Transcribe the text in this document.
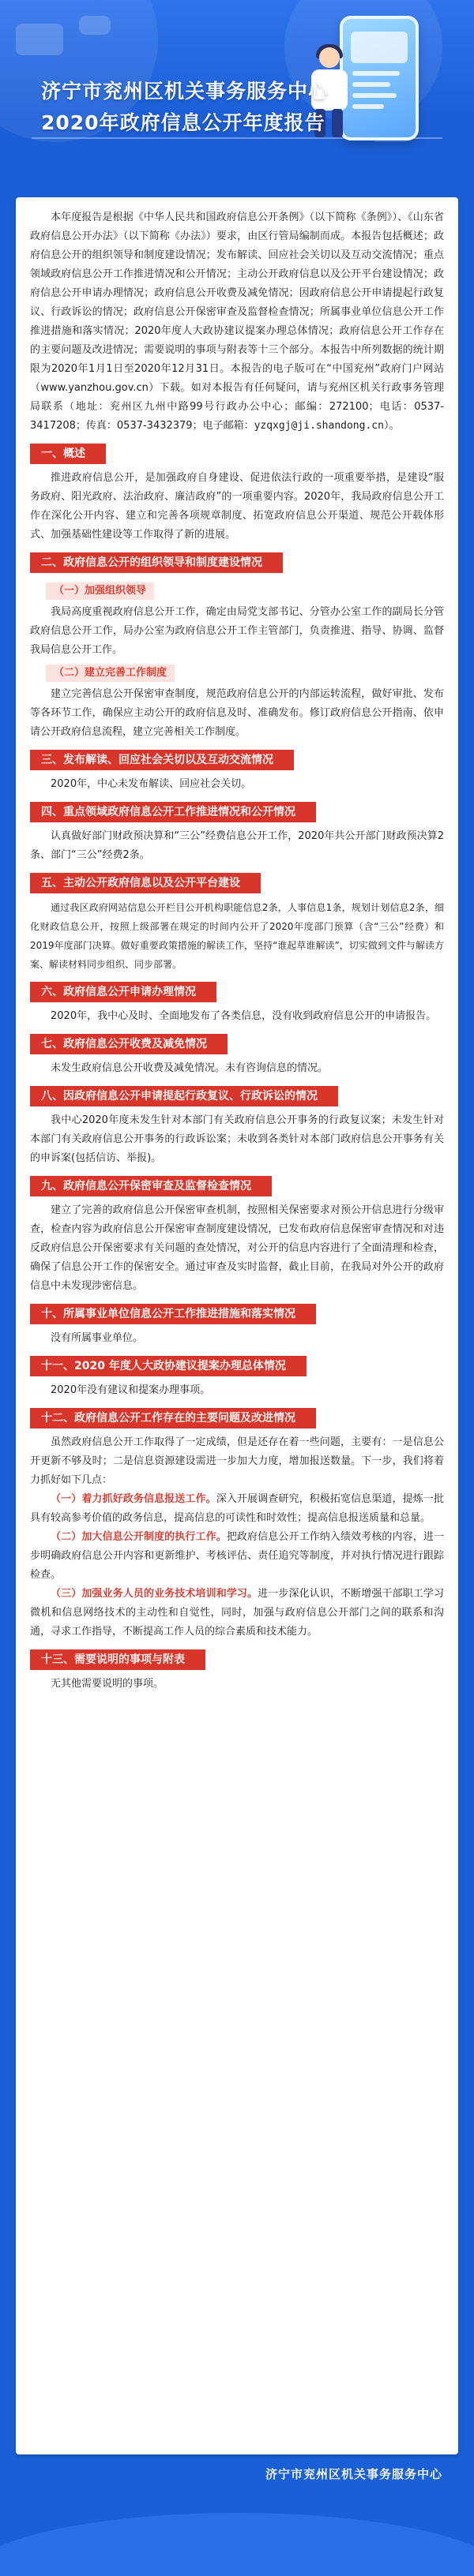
济宁市兖州区机关事务服务中心
2020年政府信息公开年度报告

本年度报告是根据《中华人民共和国政府信息公开条例》（以下简称《条例》）、《山东省政府信息公开办法》（以下简称《办法》）要求，由区行管局编制而成。本报告包括概述；政府信息公开的组织领导和制度建设情况；发布解读、回应社会关切以及互动交流情况；重点领域政府信息公开工作推进情况和公开情况；主动公开政府信息以及公开平台建设情况；政府信息公开申请办理情况；政府信息公开收费及减免情况；因政府信息公开申请提起行政复议、行政诉讼的情况；政府信息公开保密审查及监督检查情况；所属事业单位信息公开工作推进措施和落实情况；2020年度人大政协建议提案办理总体情况；政府信息公开工作存在的主要问题及改进情况；需要说明的事项与附表等十三个部分。本报告中所列数据的统计期限为2020年1月1日至2020年12月31日。本报告的电子版可在“中国兖州”政府门户网站（www.yanzhou.gov.cn）下载。如对本报告有任何疑问，请与兖州区机关行政事务管理局联系（地址：兖州区九州中路99号行政办公中心；邮编：272100；电话：0537-3417208；传真：0537-3432379；电子邮箱：yzqxgj@ji.shandong.cn）。

一、概述

推进政府信息公开，是加强政府自身建设、促进依法行政的一项重要举措，是建设“服务政府、阳光政府、法治政府、廉洁政府”的一项重要内容。2020年，我局政府信息公开工作在深化公开内容、建立和完善各项规章制度、拓宽政府信息公开渠道、规范公开载体形式、加强基础性建设等工作取得了新的进展。

二、政府信息公开的组织领导和制度建设情况
（一）加强组织领导

我局高度重视政府信息公开工作，确定由局党支部书记、分管办公室工作的副局长分管政府信息公开工作，局办公室为政府信息公开工作主管部门，负责推进、指导、协调、监督我局信息公开工作。

（二）建立完善工作制度

建立完善信息公开保密审查制度，规范政府信息公开的内部运转流程，做好审批、发布等各环节工作，确保应主动公开的政府信息及时、准确发布。修订政府信息公开指南、依申请公开政府信息流程，建立完善相关工作制度。

三、发布解读、回应社会关切以及互动交流情况

2020年，中心未发布解读、回应社会关切。

四、重点领域政府信息公开工作推进情况和公开情况

认真做好部门财政预决算和“三公”经费信息公开工作，2020年共公开部门财政预决算2条、部门“三公”经费2条。

五、主动公开政府信息以及公开平台建设

通过我区政府网站信息公开栏目公开机构职能信息2条，人事信息1条，规划计划信息2条，细化财政信息公开，按照上级部署在规定的时间内公开了2020年度部门预算（含“三公”经费）和2019年度部门决算。做好重要政策措施的解读工作，坚持“谁起草谁解读”，切实做到文件与解读方案、解读材料同步组织、同步部署。

六、政府信息公开申请办理情况

2020年，我中心及时、全面地发布了各类信息，没有收到政府信息公开的申请报告。

七、政府信息公开收费及减免情况

未发生政府信息公开收费及减免情况。未有咨询信息的情况。

八、因政府信息公开申请提起行政复议、行政诉讼的情况

我中心2020年度未发生针对本部门有关政府信息公开事务的行政复议案；未发生针对本部门有关政府信息公开事务的行政诉讼案；未收到各类针对本部门政府信息公开事务有关的申诉案(包括信访、举报)。

九、政府信息公开保密审查及监督检查情况

建立了完善的政府信息公开保密审查机制，按照相关保密要求对预公开信息进行分级审查，检查内容为政府信息公开保密审查制度建设情况，已发布政府信息保密审查情况和对违反政府信息公开保密要求有关问题的查处情况，对公开的信息内容进行了全面清理和检查，确保了信息公开工作的保密安全。通过审查及实时监督，截止目前，在我局对外公开的政府信息中未发现涉密信息。

十、所属事业单位信息公开工作推进措施和落实情况

没有所属事业单位。

十一、2020 年度人大政协建议提案办理总体情况

2020年没有建议和提案办理事项。

十二、政府信息公开工作存在的主要问题及改进情况

虽然政府信息公开工作取得了一定成绩，但是还存在着一些问题，主要有：一是信息公开更新不够及时；二是信息资源建设需进一步加大力度，增加报送数量。下一步，我们将着力抓好如下几点：

（一）着力抓好政务信息报送工作。深入开展调查研究，积极拓宽信息渠道，提炼一批具有较高参考价值的政务信息，提高信息的可读性和时效性；提高信息报送质量和总量。

（二）加大信息公开制度的执行工作。把政府信息公开工作纳入绩效考核的内容，进一步明确政府信息公开内容和更新维护、考核评估、责任追究等制度，并对执行情况进行跟踪检查。

（三）加强业务人员的业务技术培训和学习。进一步深化认识，不断增强干部职工学习微机和信息网络技术的主动性和自觉性，同时，加强与政府信息公开部门之间的联系和沟通，寻求工作指导，不断提高工作人员的综合素质和技术能力。

十三、需要说明的事项与附表

无其他需要说明的事项。

济宁市兖州区机关事务服务中心
